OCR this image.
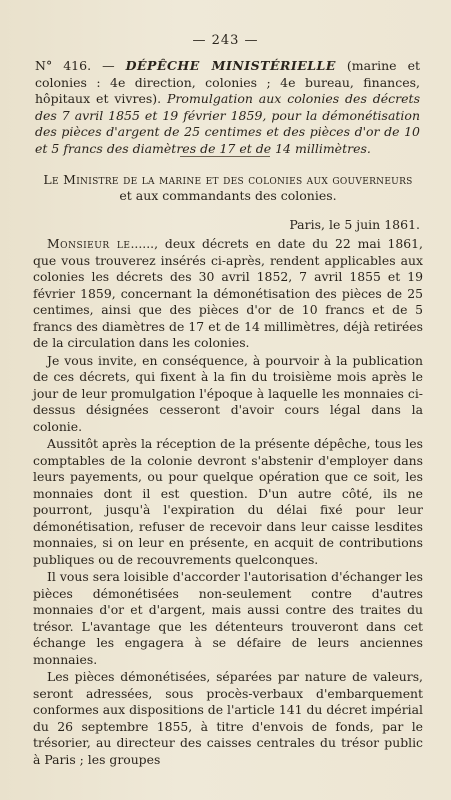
— 243 —
N° 416. — DÉPÊCHE MINISTÉRIELLE (marine et colonies : 4e direction, colonies ; 4e bureau, finances, hôpitaux et vivres). Promulgation aux colonies des décrets des 7 avril 1855 et 19 février 1859, pour la démonétisation des pièces d'argent de 25 centimes et des pièces d'or de 10 et 5 francs des diamètres de 17 et de 14 millimètres.
Le Ministre de la marine et des colonies aux gouverneurs
et aux commandants des colonies.
Paris, le 5 juin 1861.

Monsieur le......, deux décrets en date du 22 mai 1861, que vous trouverez insérés ci-après, rendent applicables aux colonies les décrets des 30 avril 1852, 7 avril 1855 et 19 février 1859, concernant la démonétisation des pièces de 25 centimes, ainsi que des pièces d'or de 10 francs et de 5 francs des diamètres de 17 et de 14 millimètres, déjà retirées de la circulation dans les colonies.

Je vous invite, en conséquence, à pourvoir à la publication de ces décrets, qui fixent à la fin du troisième mois après le jour de leur promulgation l'époque à laquelle les monnaies ci-dessus désignées cesseront d'avoir cours légal dans la colonie.

Aussitôt après la réception de la présente dépêche, tous les comptables de la colonie devront s'abstenir d'employer dans leurs payements, ou pour quelque opération que ce soit, les monnaies dont il est question. D'un autre côté, ils ne pourront, jusqu'à l'expiration du délai fixé pour leur démonétisation, refuser de recevoir dans leur caisse lesdites monnaies, si on leur en présente, en acquit de contributions publiques ou de recouvrements quelconques.

Il vous sera loisible d'accorder l'autorisation d'échanger les pièces démonétisées non-seulement contre d'autres monnaies d'or et d'argent, mais aussi contre des traites du trésor. L'avantage que les détenteurs trouveront dans cet échange les engagera à se défaire de leurs anciennes monnaies.

Les pièces démonétisées, séparées par nature de valeurs, seront adressées, sous procès-verbaux d'embarquement conformes aux dispositions de l'article 141 du décret impérial du 26 septembre 1855, à titre d'envois de fonds, par le trésorier, au directeur des caisses centrales du trésor public à Paris ; les groupes
